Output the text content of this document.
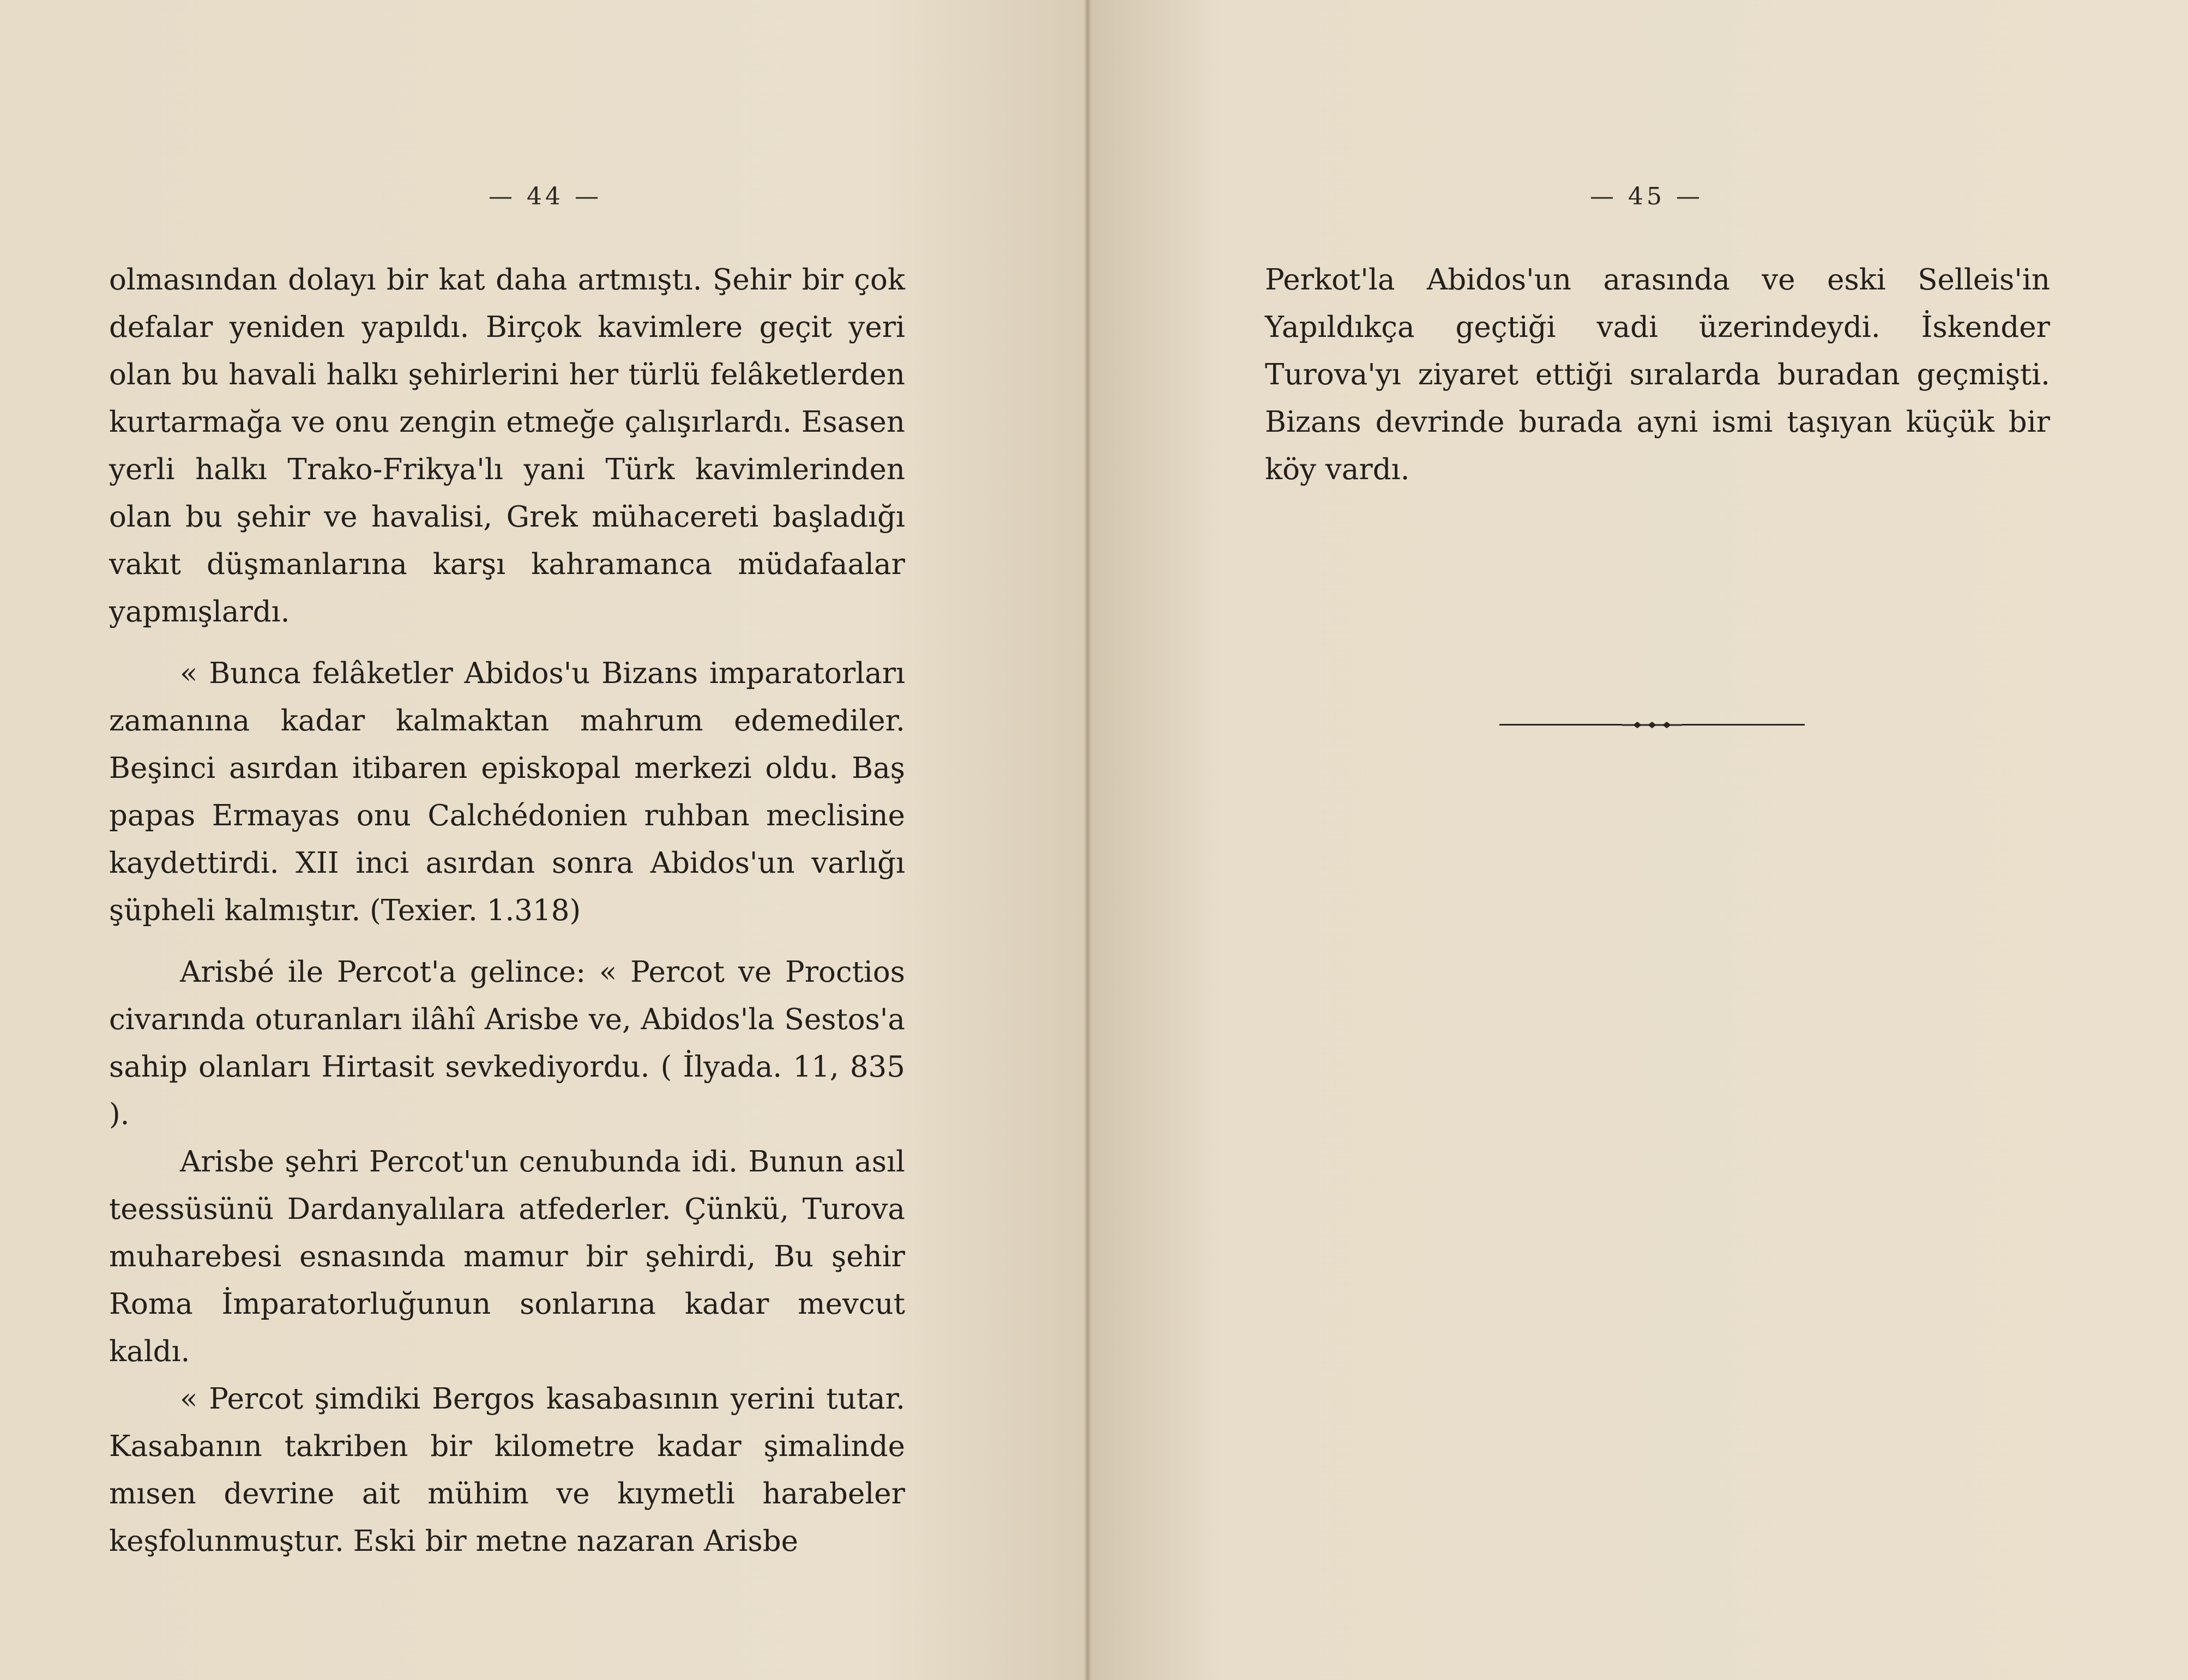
— 44 —

olmasından dolayı bir kat daha artmıştı. Şehir bir çok defalar yeniden yapıldı. Birçok kavimlere geçit yeri olan bu havali halkı şehirlerini her türlü felâketlerden kurtarmağa ve onu zengin etmeğe çalışırlardı. Esasen yerli halkı Trako-Frikya'lı yani Türk kavimlerinden olan bu şehir ve havalisi, Grek mühacereti başladığı vakıt düşmanlarına karşı kahramanca müdafaalar yapmışlardı.

« Bunca felâketler Abidos'u Bizans imparatorları zamanına kadar kalmaktan mahrum edemediler. Beşinci asırdan itibaren episkopal merkezi oldu. Baş papas Ermayas onu Calchédonien ruhban meclisine kaydettirdi. XII inci asırdan sonra Abidos'un varlığı şüpheli kalmıştır. (Texier. 1.318)

Arisbé ile Percot'a gelince: « Percot ve Proctios civarında oturanları ilâhî Arisbe ve, Abidos'la Sestos'a sahip olanları Hirtasit sevkediyordu. ( İlyada. 11, 835 ).

Arisbe şehri Percot'un cenubunda idi. Bunun asıl teessüsünü Dardanyalılara atfederler. Çünkü, Turova muharebesi esnasında mamur bir şehirdi, Bu şehir Roma İmparatorluğunun sonlarına kadar mevcut kaldı.

« Percot şimdiki Bergos kasabasının yerini tutar. Kasabanın takriben bir kilometre kadar şimalinde mısen devrine ait mühim ve kıymetli harabeler keşfolunmuştur. Eski bir metne nazaran Arisbe

— 45 —

Perkot'la Abidos'un arasında ve eski Selleis'in Yapıldıkça geçtiği vadi üzerindeydi. İskender Turova'yı ziyaret ettiği sıralarda buradan geçmişti. Bizans devrinde burada ayni ismi taşıyan küçük bir köy vardı.
